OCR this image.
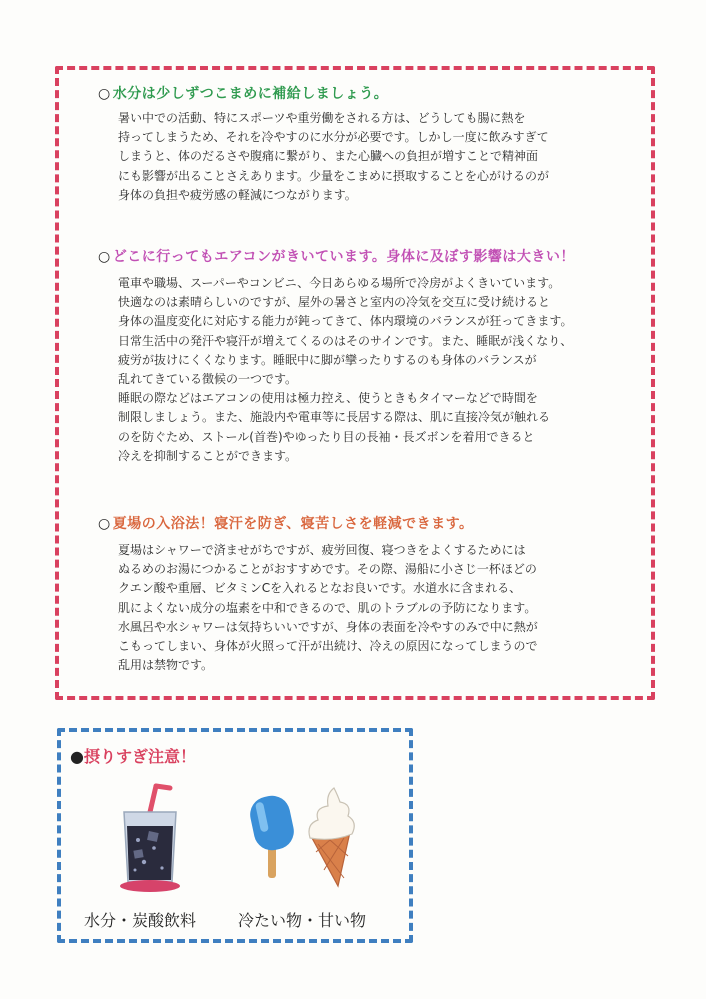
○ 水分は少しずつこまめに補給しましょう。

暑い中での活動、特にスポーツや重労働をされる方は、どうしても腸に熱を

持ってしまうため、それを冷やすのに水分が必要です。しかし一度に飲みすぎて

しまうと、体のだるさや腹痛に繋がり、また心臓への負担が増すことで精神面

にも影響が出ることさえあります。少量をこまめに摂取することを心がけるのが

身体の負担や疲労感の軽減につながります。

○ どこに行ってもエアコンがきいています。身体に及ぼす影響は大きい！

電車や職場、スーパーやコンビニ、今日あらゆる場所で冷房がよくきいています。

快適なのは素晴らしいのですが、屋外の暑さと室内の冷気を交互に受け続けると

身体の温度変化に対応する能力が鈍ってきて、体内環境のバランスが狂ってきます。

日常生活中の発汗や寝汗が増えてくるのはそのサインです。また、睡眠が浅くなり、

疲労が抜けにくくなります。睡眠中に脚が攣ったりするのも身体のバランスが

乱れてきている徴候の一つです。

睡眠の際などはエアコンの使用は極力控え、使うときもタイマーなどで時間を

制限しましょう。また、施設内や電車等に長居する際は、肌に直接冷気が触れる

のを防ぐため、ストール(首巻)やゆったり目の長袖・長ズボンを着用できると

冷えを抑制することができます。

○ 夏場の入浴法！寝汗を防ぎ、寝苦しさを軽減できます。

夏場はシャワーで済ませがちですが、疲労回復、寝つきをよくするためには

ぬるめのお湯につかることがおすすめです。その際、湯船に小さじ一杯ほどの

クエン酸や重層、ビタミンCを入れるとなお良いです。水道水に含まれる、

肌によくない成分の塩素を中和できるので、肌のトラブルの予防になります。

水風呂や水シャワーは気持ちいいですが、身体の表面を冷やすのみで中に熱が

こもってしまい、身体が火照って汗が出続け、冷えの原因になってしまうので

乱用は禁物です。

●摂りすぎ注意！
水分・炭酸飲料	冷たい物・甘い物
